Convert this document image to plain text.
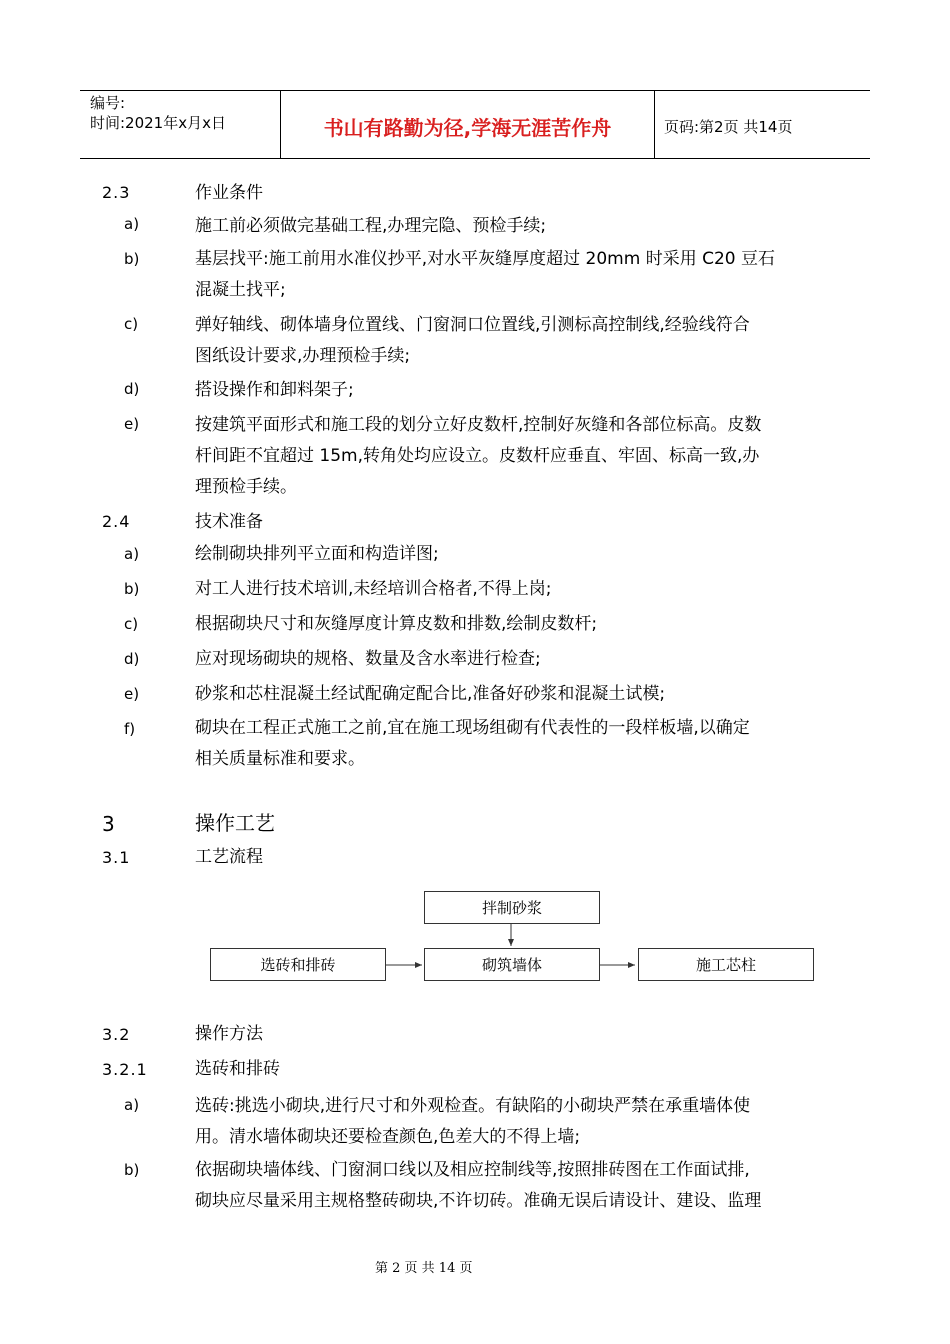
编号:
时间:2021年x月x日	书山有路勤为径,学海无涯苦作舟	页码:第2页 共14页
2.3	作业条件
a)	施工前必须做完基础工程,办理完隐、预检手续;
b)	基层找平:施工前用水准仪抄平,对水平灰缝厚度超过 20mm 时采用 C20 豆石
混凝土找平;
c)	弹好轴线、砌体墙身位置线、门窗洞口位置线,引测标高控制线,经验线符合
图纸设计要求,办理预检手续;
d)	搭设操作和卸料架子;
e)	按建筑平面形式和施工段的划分立好皮数杆,控制好灰缝和各部位标高。皮数
杆间距不宜超过 15m,转角处均应设立。皮数杆应垂直、牢固、标高一致,办
理预检手续。
2.4	技术准备
a)	绘制砌块排列平立面和构造详图;
b)	对工人进行技术培训,未经培训合格者,不得上岗;
c)	根据砌块尺寸和灰缝厚度计算皮数和排数,绘制皮数杆;
d)	应对现场砌块的规格、数量及含水率进行检查;
e)	砂浆和芯柱混凝土经试配确定配合比,准备好砂浆和混凝土试模;
f)	砌块在工程正式施工之前,宜在施工现场组砌有代表性的一段样板墙,以确定
相关质量标准和要求。
3	操作工艺
3.1	工艺流程
拌制砂浆
选砖和排砖	砌筑墙体	施工芯柱
3.2	操作方法
3.2.1	选砖和排砖
a)	选砖:挑选小砌块,进行尺寸和外观检查。有缺陷的小砌块严禁在承重墙体使
用。清水墙体砌块还要检查颜色,色差大的不得上墙;
b)	依据砌块墙体线、门窗洞口线以及相应控制线等,按照排砖图在工作面试排,
砌块应尽量采用主规格整砖砌块,不许切砖。准确无误后请设计、建设、监理
第 2 页 共 14 页
